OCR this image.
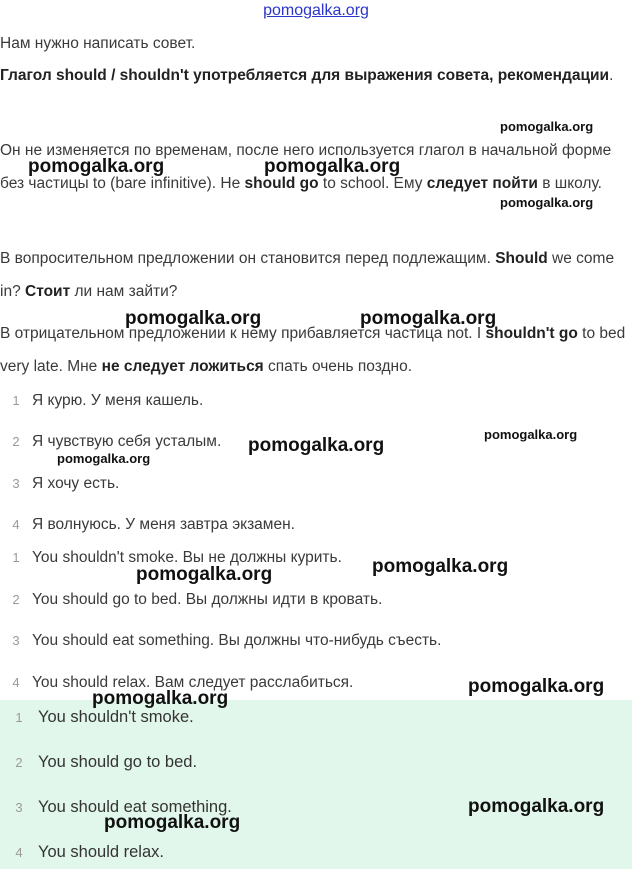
pomogalka.org

Нам нужно написать совет.

Глагол should / shouldn't употребляется для выражения совета, рекомендации.

Он не изменяется по временам, после него используется глагол в начальной форме без частицы to (bare infinitive). He should go to school. Ему следует пойти в школу.

В вопросительном предложении он становится перед подлежащим. Should we come in? Стоит ли нам зайти?

В отрицательном предложении к нему прибавляется частица not. I shouldn't go to bed very late. Мне не следует ложиться спать очень поздно.

1 Я курю. У меня кашель.
2 Я чувствую себя усталым.
3 Я хочу есть.
4 Я волнуюсь. У меня завтра экзамен.
1 You shouldn't smoke. Вы не должны курить.
2 You should go to bed. Вы должны идти в кровать.
3 You should eat something. Вы должны что-нибудь съесть.
4 You should relax. Вам следует расслабиться.
1 You shouldn't smoke.
2 You should go to bed.
3 You should eat something.
4 You should relax.
pomogalka.org
pomogalka.org	pomogalka.org
pomogalka.org
pomogalka.org	pomogalka.org
pomogalka.org
pomogalka.org
pomogalka.org
pomogalka.org
pomogalka.org
pomogalka.org
pomogalka.org
pomogalka.org
pomogalka.org
